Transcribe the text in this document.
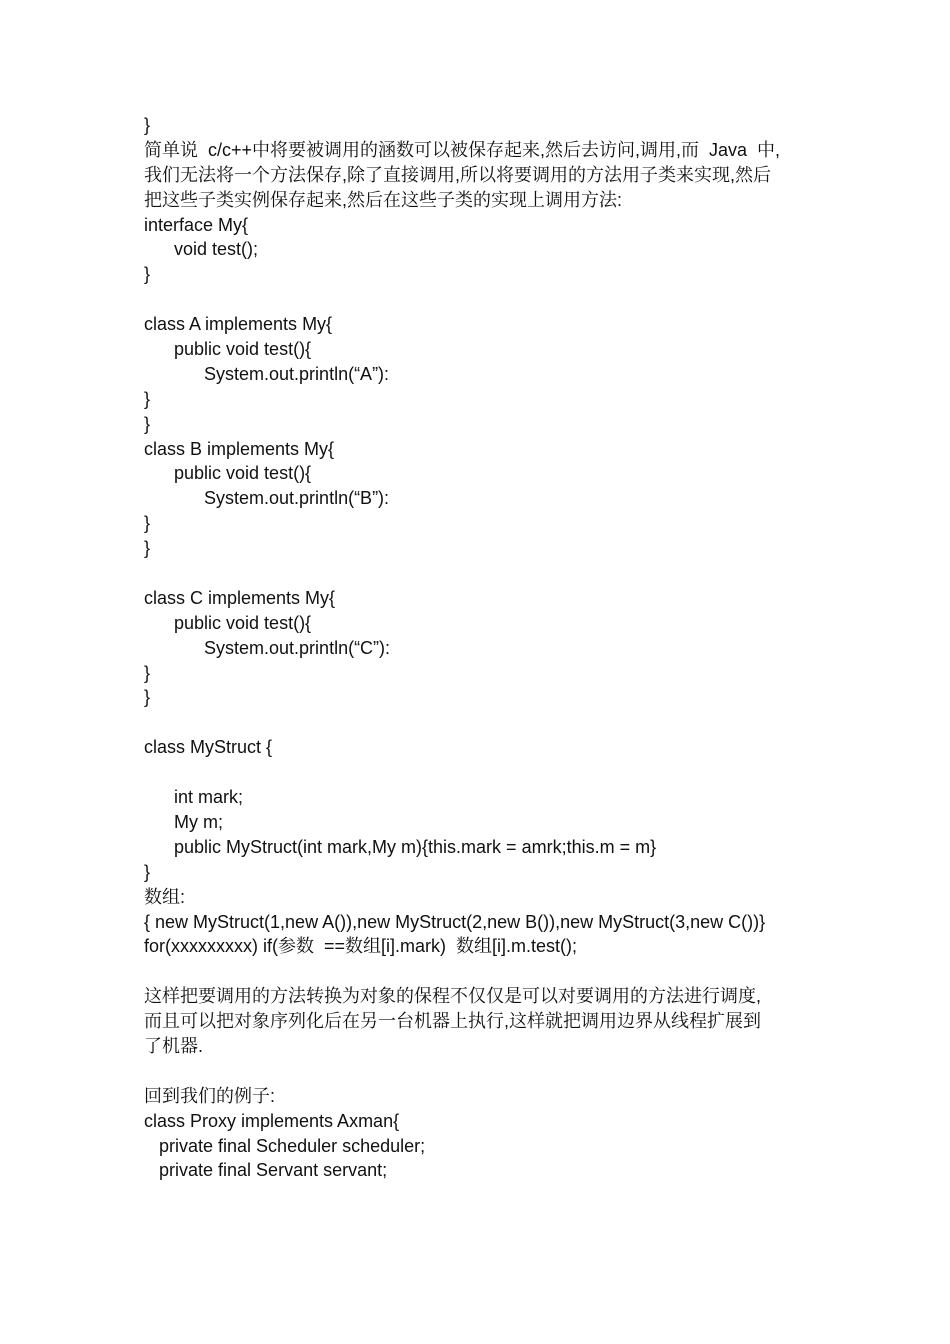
}
简单说  c/c++中将要被调用的涵数可以被保存起来,然后去访问,调用,而  Java  中,
我们无法将一个方法保存,除了直接调用,所以将要调用的方法用子类来实现,然后
把这些子类实例保存起来,然后在这些子类的实现上调用方法:
interface My{
void test();
}
class A implements My{
public void test(){
System.out.println(“A”):
}
}
class B implements My{
public void test(){
System.out.println(“B”):
}
}
class C implements My{
public void test(){
System.out.println(“C”):
}
}
class MyStruct {
int mark;
My m;
public MyStruct(int mark,My m){this.mark = amrk;this.m = m}
}
数组:
{ new MyStruct(1,new A()),new MyStruct(2,new B()),new MyStruct(3,new C())}
for(xxxxxxxxx) if(参数  ==数组[i].mark)  数组[i].m.test();
这样把要调用的方法转换为对象的保程不仅仅是可以对要调用的方法进行调度,
而且可以把对象序列化后在另一台机器上执行,这样就把调用边界从线程扩展到
了机器.
回到我们的例子:
class Proxy implements Axman{
private final Scheduler scheduler;
private final Servant servant;
